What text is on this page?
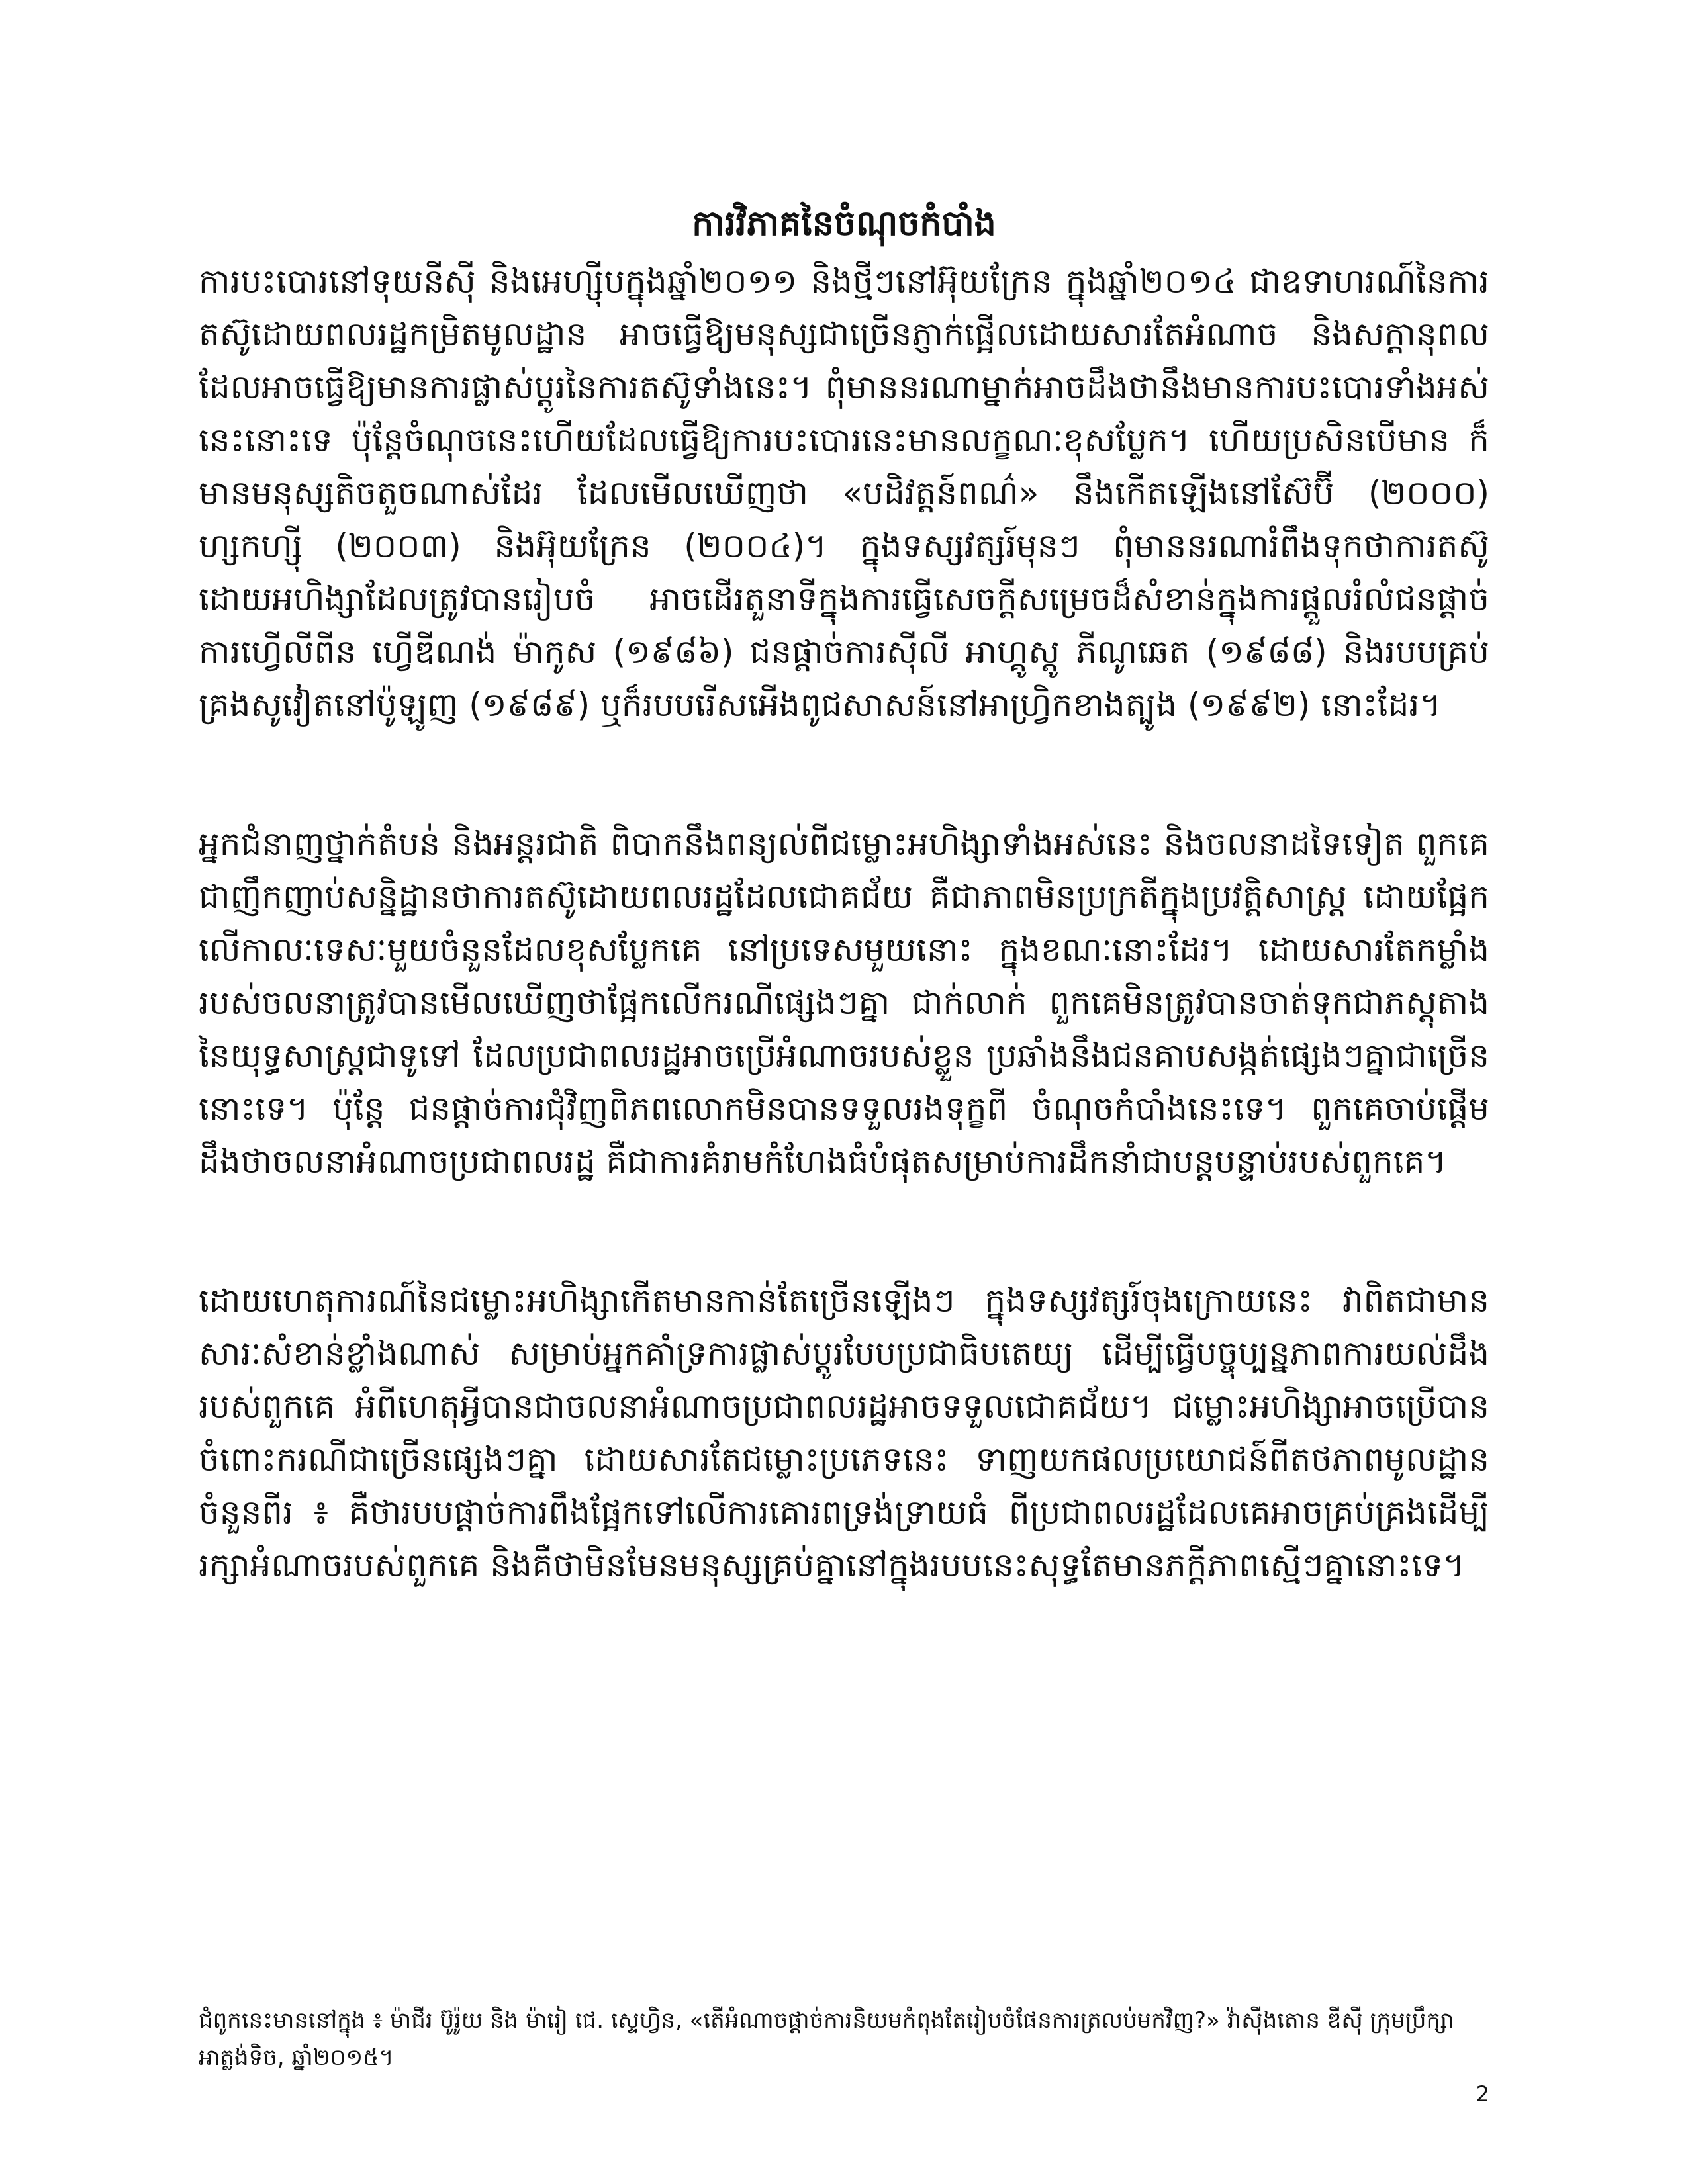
ការវិភាគនៃចំណុចកំបាំង

ការបះបោរនៅទុយនីស៊ី និងអេហ្ស៊ីបក្នុងឆ្នាំ២០១១ និងថ្មីៗនៅអ៊ុយក្រែន ក្នុងឆ្នាំ២០១៤ ជាឧទាហរណ៍នៃការតស៊ូដោយពលរដ្ឋកម្រិតមូលដ្ឋាន អាចធ្វើឱ្យមនុស្សជាច្រើនភ្ញាក់ផ្អើលដោយសារតែអំណាច និងសក្តានុពលដែលអាចធ្វើឱ្យមានការផ្លាស់ប្តូរនៃការតស៊ូទាំងនេះ។ ពុំមាននរណាម្នាក់អាចដឹងថានឹងមានការបះបោរទាំងអស់នេះនោះទេ ប៉ុន្តែចំណុចនេះហើយដែលធ្វើឱ្យការបះបោរនេះមានលក្ខណៈខុសប្លែក។ ហើយប្រសិនបើមាន ក៏មានមនុស្សតិចតួចណាស់ដែរ ដែលមើលឃើញថា «បដិវត្តន៍ពណ៌» នឹងកើតឡើងនៅស៊ែប៊ី (២០០០) ហ្សកហ្ស៊ី (២០០៣) និងអ៊ុយក្រែន (២០០៤)។ ក្នុងទស្សវត្សរ៍មុនៗ ពុំមាននរណារំពឹងទុកថាការតស៊ូដោយអហិង្សាដែលត្រូវបានរៀបចំ អាចដើរតួនាទីក្នុងការធ្វើសេចក្តីសម្រេចដ៏សំខាន់ក្នុងការផ្តួលរំលំជនផ្តាច់ការហ្វើលីពីន ហ្វើឌីណង់ ម៉ាកូស (១៩៨៦) ជនផ្តាច់ការស៊ីលី អាហ្គូស្តូ ភីណូឆេត (១៩៨៨) និងរបបគ្រប់គ្រងសូវៀតនៅប៉ូឡូញ (១៩៨៩) ឬក៏របបរើសអើងពូជសាសន៍នៅអាហ្វ្រិកខាងត្បូង (១៩៩២) នោះដែរ។

អ្នកជំនាញថ្នាក់តំបន់ និងអន្តរជាតិ ពិបាកនឹងពន្យល់ពីជម្លោះអហិង្សាទាំងអស់នេះ និងចលនាដទៃទៀត ពួកគេជាញឹកញាប់សន្និដ្ឋានថាការតស៊ូដោយពលរដ្ឋដែលជោគជ័យ គឺជាភាពមិនប្រក្រតីក្នុងប្រវត្តិសាស្ត្រ ដោយផ្អែកលើកាលៈទេសៈមួយចំនួនដែលខុសប្លែកគេ នៅប្រទេសមួយនោះ ក្នុងខណៈនោះដែរ។ ដោយសារតែកម្លាំងរបស់ចលនាត្រូវបានមើលឃើញថាផ្អែកលើករណីផ្សេងៗគ្នា ជាក់លាក់ ពួកគេមិនត្រូវបានចាត់ទុកជាភស្តុតាងនៃយុទ្ធសាស្ត្រជាទូទៅ ដែលប្រជាពលរដ្ឋអាចប្រើអំណាចរបស់ខ្លួន ប្រឆាំងនឹងជនគាបសង្កត់ផ្សេងៗគ្នាជាច្រើននោះទេ។ ប៉ុន្តែ ជនផ្តាច់ការជុំវិញពិភពលោកមិនបានទទួលរងទុក្ខពី ចំណុចកំបាំងនេះទេ។ ពួកគេចាប់ផ្តើមដឹងថាចលនាអំណាចប្រជាពលរដ្ឋ គឺជាការគំរាមកំហែងធំបំផុតសម្រាប់ការដឹកនាំជាបន្តបន្ទាប់របស់ពួកគេ។

ដោយហេតុការណ៍នៃជម្លោះអហិង្សាកើតមានកាន់តែច្រើនឡើងៗ ក្នុងទស្សវត្សរ៍ចុងក្រោយនេះ វាពិតជាមានសារៈសំខាន់ខ្លាំងណាស់ សម្រាប់អ្នកគាំទ្រការផ្លាស់ប្តូរបែបប្រជាធិបតេយ្យ ដើម្បីធ្វើបច្ចុប្បន្នភាពការយល់ដឹងរបស់ពួកគេ អំពីហេតុអ្វីបានជាចលនាអំណាចប្រជាពលរដ្ឋអាចទទួលជោគជ័យ។ ជម្លោះអហិង្សាអាចប្រើបានចំពោះករណីជាច្រើនផ្សេងៗគ្នា ដោយសារតែជម្លោះប្រភេទនេះ ទាញយកផលប្រយោជន៍ពីតថភាពមូលដ្ឋានចំនួនពីរ ៖ គឺថារបបផ្តាច់ការពឹងផ្អែកទៅលើការគោរពទ្រង់ទ្រាយធំ ពីប្រជាពលរដ្ឋដែលគេអាចគ្រប់គ្រងដើម្បីរក្សាអំណាចរបស់ពួកគេ និងគឺថាមិនមែនមនុស្សគ្រប់គ្នានៅក្នុងរបបនេះសុទ្ធតែមានភក្តីភាពស្មើៗគ្នានោះទេ។

ជំពូកនេះមាននៅក្នុង ៖ ម៉ាជីរ ប៊ូរ៉ូយ និង ម៉ារៀ ជេ. ស្ទេហ្វិន, «តើអំណាចផ្តាច់ការនិយមកំពុងតែរៀបចំផែនការត្រលប់មកវិញ?» វ៉ាស៊ីងតោន ឌីស៊ី ក្រុមប្រឹក្សាអាត្លង់ទិច, ឆ្នាំ២០១៥។

2
